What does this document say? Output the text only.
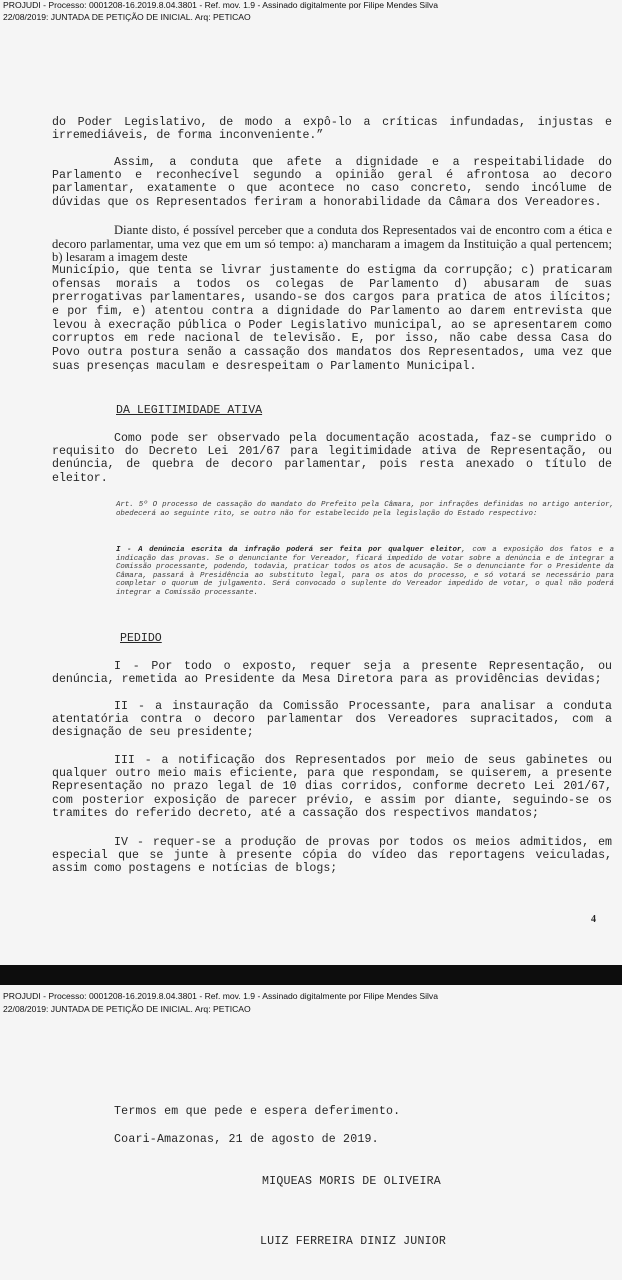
PROJUDI - Processo: 0001208-16.2019.8.04.3801 - Ref. mov. 1.9 - Assinado digitalmente por Filipe Mendes Silva
22/08/2019: JUNTADA DE PETIÇÃO DE INICIAL. Arq: PETICAO
do Poder Legislativo, de modo a expô-lo a críticas infundadas, injustas e irremediáveis, de forma inconveniente.”
Assim, a conduta que afete a dignidade e a respeitabilidade do Parlamento e reconhecível segundo a opinião geral é afrontosa ao decoro parlamentar, exatamente o que acontece no caso concreto, sendo incólume de dúvidas que os Representados feriram a honorabilidade da Câmara dos Vereadores.
Diante disto, é possível perceber que a conduta dos Representados vai de encontro com a ética e decoro parlamentar, uma vez que em um só tempo: a) mancharam a imagem da Instituição a qual pertencem; b) lesaram a imagem deste
Município, que tenta se livrar justamente do estigma da corrupção; c) praticaram ofensas morais a todos os colegas de Parlamento d) abusaram de suas prerrogativas parlamentares, usando-se dos cargos para pratica de atos ilícitos; e por fim, e) atentou contra a dignidade do Parlamento ao darem entrevista que levou à execração pública o Poder Legislativo municipal, ao se apresentarem como corruptos em rede nacional de televisão. E, por isso, não cabe dessa Casa do Povo outra postura senão a cassação dos mandatos dos Representados, uma vez que suas presenças maculam e desrespeitam o Parlamento Municipal.
DA LEGITIMIDADE ATIVA
Como pode ser observado pela documentação acostada, faz-se cumprido o requisito do Decreto Lei 201/67 para legitimidade ativa de Representação, ou denúncia, de quebra de decoro parlamentar, pois resta anexado o título de eleitor.
Art. 5º O processo de cassação do mandato do Prefeito pela Câmara, por infrações definidas no artigo anterior, obedecerá ao seguinte rito, se outro não for estabelecido pela legislação do Estado respectivo:
I - A denúncia escrita da infração poderá ser feita por qualquer eleitor, com a exposição dos fatos e a indicação das provas. Se o denunciante for Vereador, ficará impedido de votar sobre a denúncia e de integrar a Comissão processante, podendo, todavia, praticar todos os atos de acusação. Se o denunciante for o Presidente da Câmara, passará à Presidência ao substituto legal, para os atos do processo, e só votará se necessário para completar o quorum de julgamento. Será convocado o suplente do Vereador impedido de votar, o qual não poderá integrar a Comissão processante.
PEDIDO
I - Por todo o exposto, requer seja a presente Representação, ou denúncia, remetida ao Presidente da Mesa Diretora para as providências devidas;
II - a instauração da Comissão Processante, para analisar a conduta atentatória contra o decoro parlamentar dos Vereadores supracitados, com a designação de seu presidente;
III - a notificação dos Representados por meio de seus gabinetes ou qualquer outro meio mais eficiente, para que respondam, se quiserem, a presente Representação no prazo legal de 10 dias corridos, conforme decreto Lei 201/67, com posterior exposição de parecer prévio, e assim por diante, seguindo-se os tramites do referido decreto, até a cassação dos respectivos mandatos;
IV - requer-se a produção de provas por todos os meios admitidos, em especial que se junte à presente cópia do vídeo das reportagens veiculadas, assim como postagens e notícias de blogs;
4
PROJUDI - Processo: 0001208-16.2019.8.04.3801 - Ref. mov. 1.9 - Assinado digitalmente por Filipe Mendes Silva
22/08/2019: JUNTADA DE PETIÇÃO DE INICIAL. Arq: PETICAO
Termos em que pede e espera deferimento.
Coari-Amazonas, 21 de agosto de 2019.
MIQUEAS MORIS DE OLIVEIRA
LUIZ FERREIRA DINIZ JUNIOR
